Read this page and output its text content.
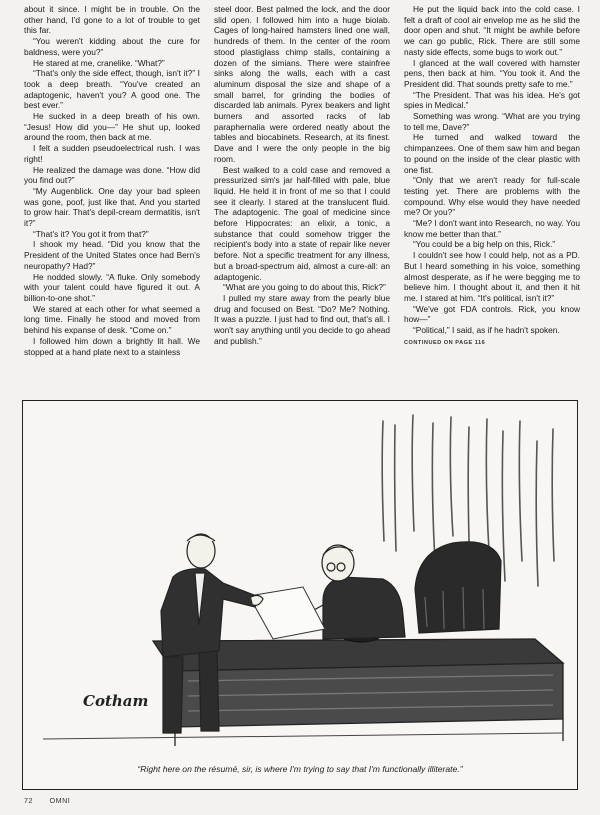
about it since. I might be in trouble. On the other hand, I'd gone to a lot of trouble to get this far.

“You weren't kidding about the cure for baldness, were you?”

He stared at me, cranelike. “What?”

“That's only the side effect, though, isn't it?” I took a deep breath. “You've created an adaptogenic, haven't you? A good one. The best ever.”

He sucked in a deep breath of his own. “Jesus! How did you—” He shut up, looked around the room, then back at me.

I felt a sudden pseudoelectrical rush. I was right!

He realized the damage was done. “How did you find out?”

“My Augenblick. One day your bad spleen was gone, poof, just like that. And you started to grow hair. That's depil-cream dermatitis, isn't it?”

“That's it? You got it from that?”

I shook my head. “Did you know that the President of the United States once had Bern's neuropathy? Had?”

He nodded slowly. “A fluke. Only somebody with your talent could have figured it out. A billion-to-one shot.”

We stared at each other for what seemed a long time. Finally he stood and moved from behind his expanse of desk. “Come on.”

I followed him down a brightly lit hall. We stopped at a hand plate next to a stainless

steel door. Best palmed the lock, and the door slid open. I followed him into a huge biolab. Cages of long-haired hamsters lined one wall, hundreds of them. In the center of the room stood plastiglass chimp stalls, containing a dozen of the simians. There were stainfree sinks along the walls, each with a cast aluminum disposal the size and shape of a small barrel, for grinding the bodies of discarded lab animals. Pyrex beakers and light burners and assorted racks of lab paraphernalia were ordered neatly about the tables and biocabinets. Research, at its finest. Dave and I were the only people in the big room.

Best walked to a cold case and removed a pressurized sim's jar half-filled with pale, blue liquid. He held it in front of me so that I could see it clearly. I stared at the translucent fluid. The adaptogenic. The goal of medicine since before Hippocrates: an elixir, a tonic, a substance that could somehow trigger the recipient's body into a state of repair like never before. Not a specific treatment for any illness, but a broad-spectrum aid, almost a cure-all: an adaptogenic.

“What are you going to do about this, Rick?”

I pulled my stare away from the pearly blue drug and focused on Best. “Do? Me? Nothing. It was a puzzle. I just had to find out, that's all. I won't say anything until you decide to go ahead and publish.”

He put the liquid back into the cold case. I felt a draft of cool air envelop me as he slid the door open and shut. “It might be awhile before we can go public, Rick. There are still some nasty side effects, some bugs to work out.”

I glanced at the wall covered with hamster pens, then back at him. “You took it. And the President did. That sounds pretty safe to me.”

“The President. That was his idea. He's got spies in Medical.”

Something was wrong. “What are you trying to tell me, Dave?”

He turned and walked toward the chimpanzees. One of them saw him and began to pound on the inside of the clear plastic with one fist.

“Only that we aren't ready for full-scale testing yet. There are problems with the compound. Why else would they have needed me? Or you?”

“Me? I don't want into Research, no way. You know me better than that.”

“You could be a big help on this, Rick.”

I couldn't see how I could help, not as a PD. But I heard something in his voice, something almost desperate, as if he were begging me to believe him. I thought about it, and then it hit me. I stared at him. “It's political, isn't it?”

“We've got FDA controls. Rick, you know how—”

“Political,” I said, as if he hadn't spoken.

CONTINUED ON PAGE 116
Cotham
“Right here on the résumé, sir, is where I'm trying to say that I'm functionally illiterate.”
72 OMNI
